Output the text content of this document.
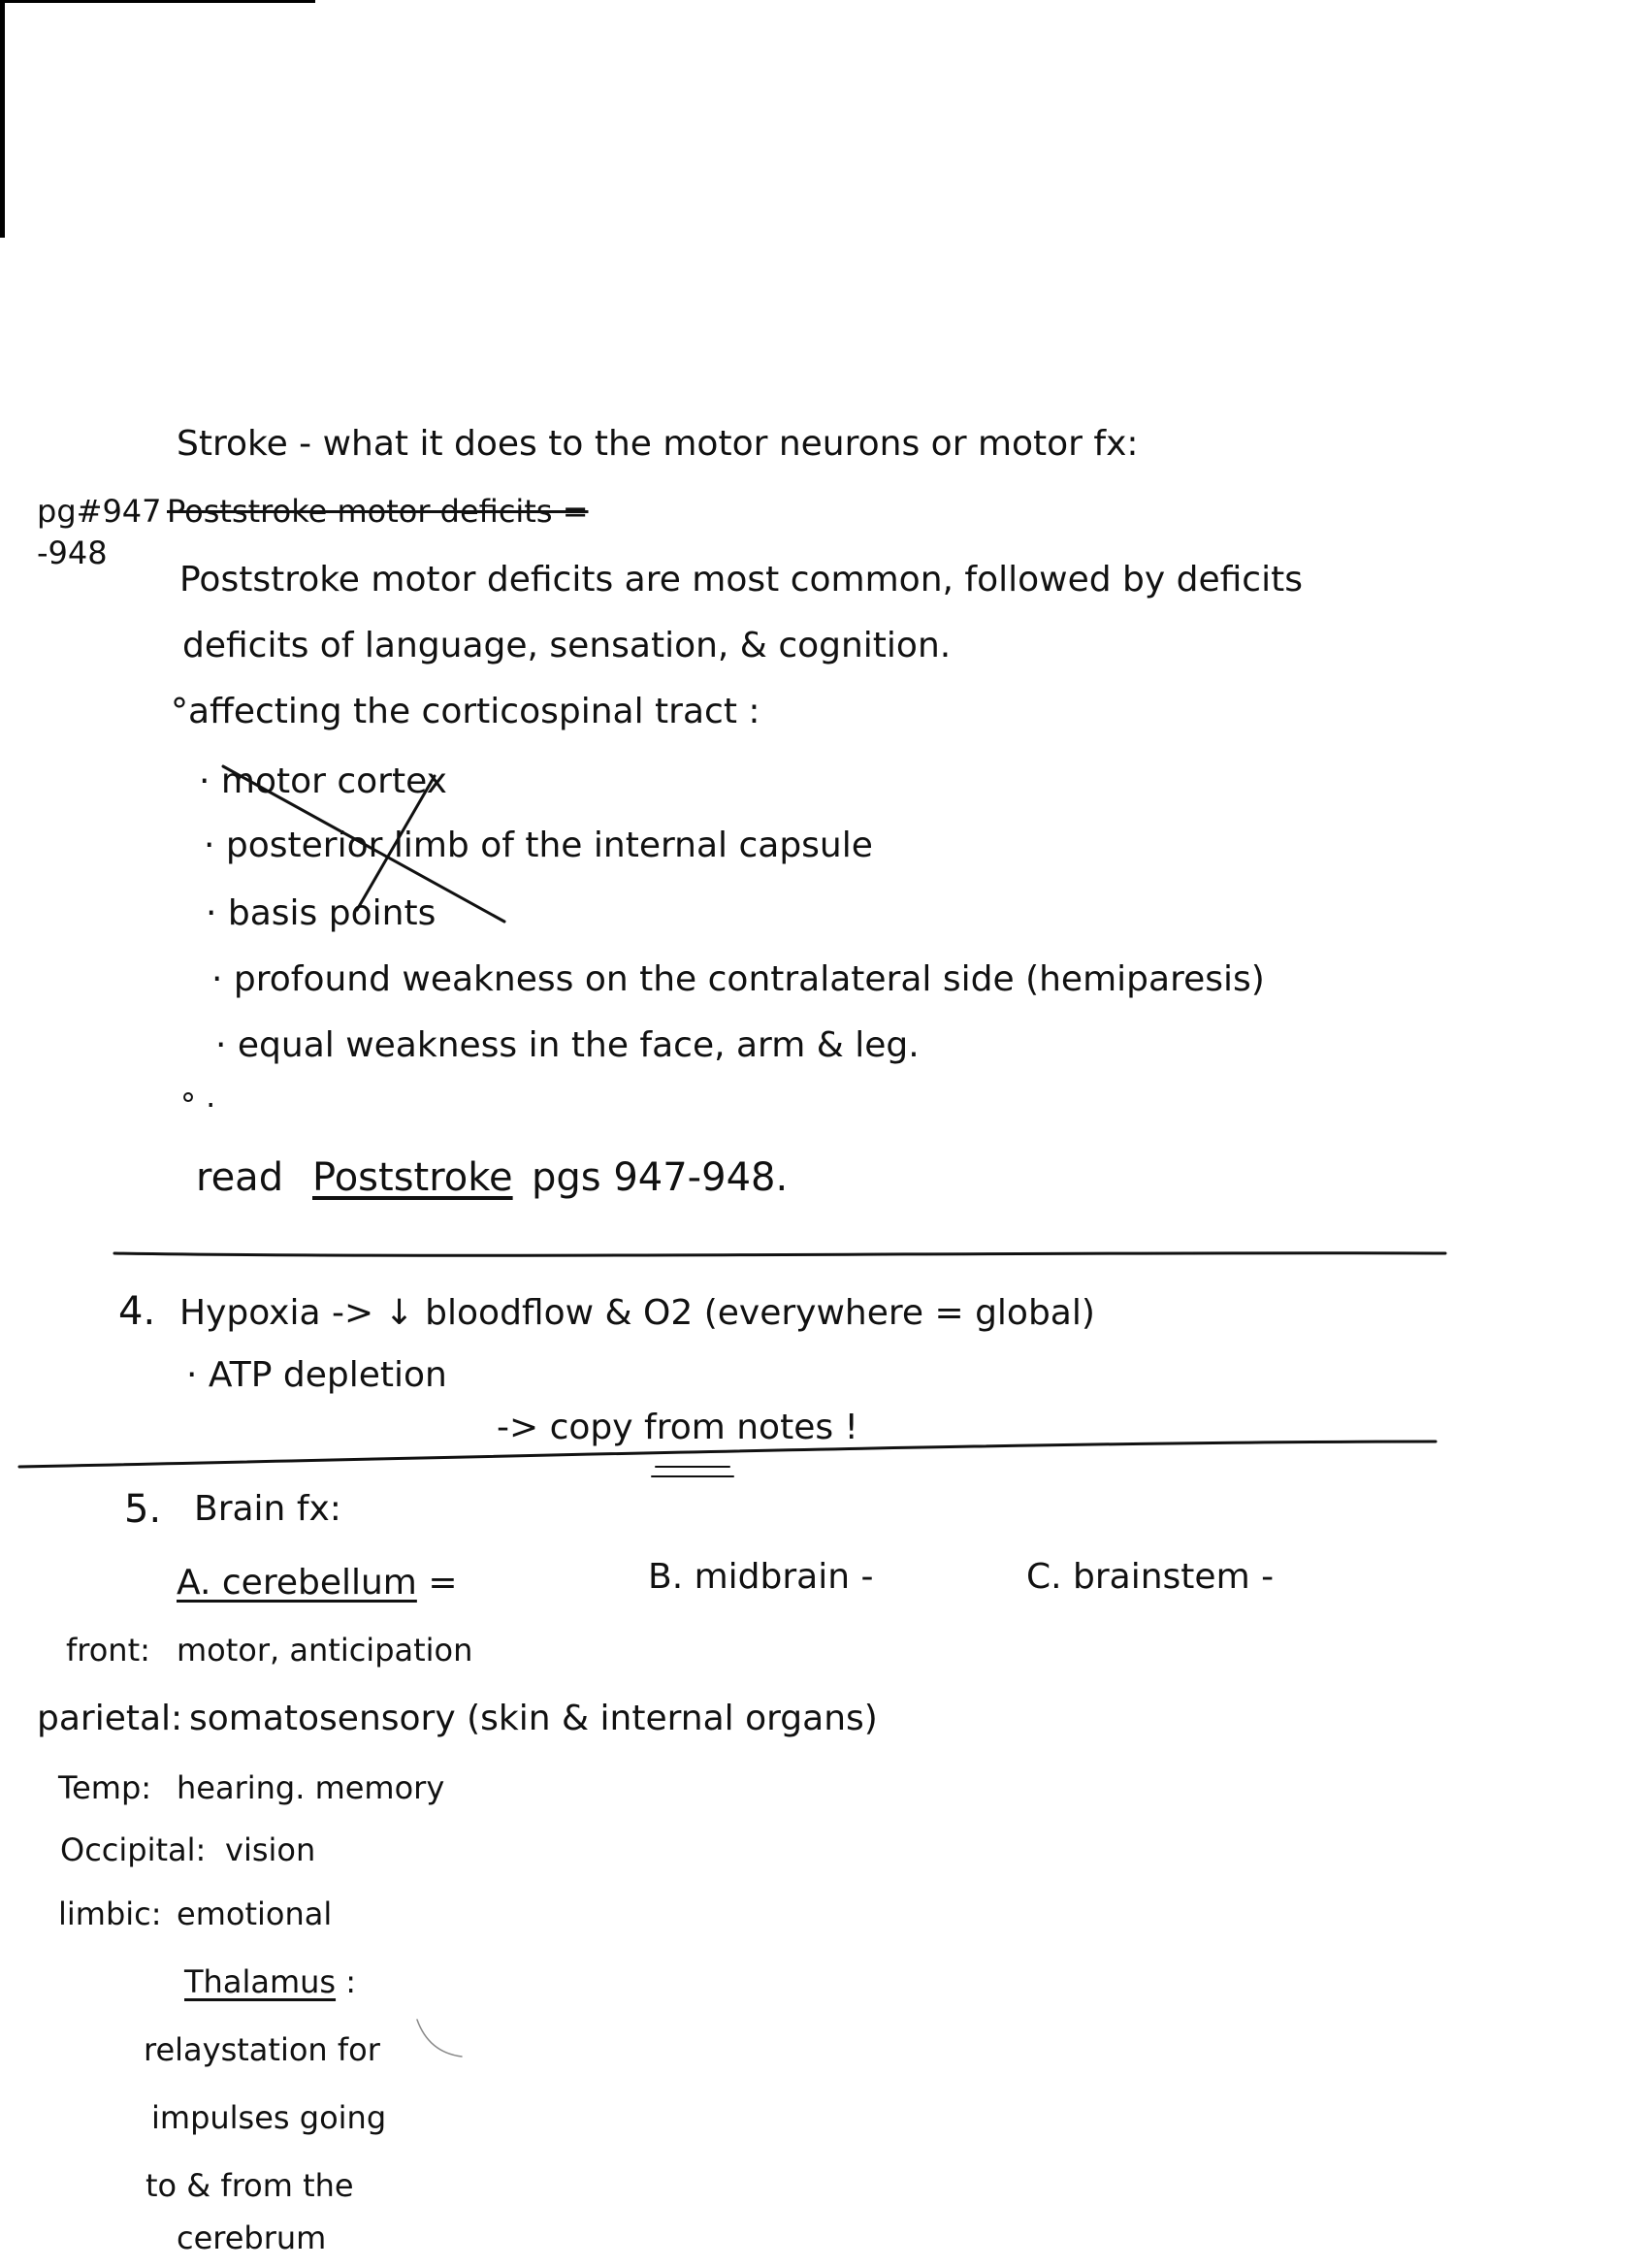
Stroke - what it does to the motor neurons or motor fx:
pg#947
-948
Poststroke motor deficits =
Poststroke motor deficits are most common, followed by deficits
deficits of language, sensation, & cognition.
°affecting the corticospinal tract :
· motor cortex
· posterior limb of the internal capsule
· basis points
· profound weakness on the contralateral side (hemiparesis)
· equal weakness in the face, arm & leg.
° ·
read Poststroke pgs 947-948.
4. Hypoxia -> ↓ bloodflow & O2 (everywhere = global)
· ATP depletion
-> copy from notes !
5. Brain fx:
A. cerebellum =	B. midbrain -	C. brainstem -
front: motor, anticipation
parietal: somatosensory (skin & internal organs)
Temp: hearing. memory
Occipital: vision
limbic: emotional
Thalamus :
relaystation for
impulses going
to & from the
cerebrum
